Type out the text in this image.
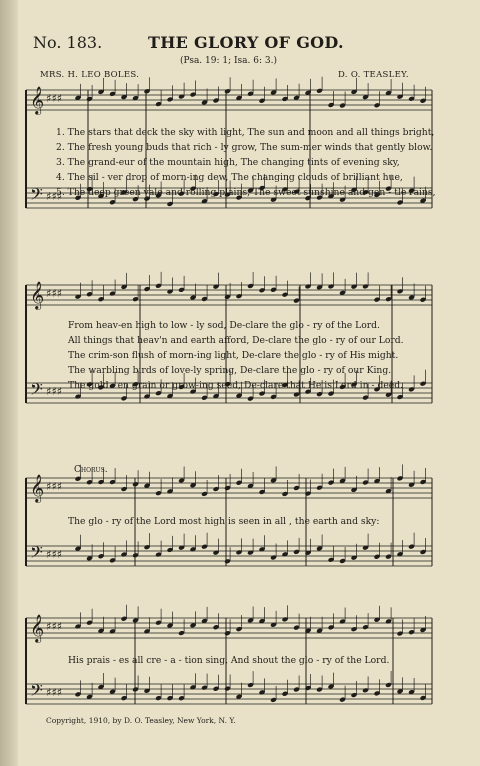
No. 183.	THE GLORY OF GOD.
(Psa. 19: 1; Isa. 6: 3.)
MRS. H. LEO BOLES.	D. O. TEASLEY.
𝄞
𝄢
♯♯♯
♯♯♯
𝄞
𝄢
♯♯♯
♯♯♯
𝄞
𝄢
♯♯♯
♯♯♯
𝄞
𝄢
♯♯♯
♯♯♯
1. The stars that deck the sky with light, The sun and moon and all things bright,
2. The fresh young buds that rich - ly grow, The sum-mer winds that gently blow.
3. The grand-eur of the mountain high, The changing tints of evening sky,
4. The sil - ver drop of morn-ing dew, The changing clouds of brilliant hue,
5. The deep green vale and rolling plains, The sweet sunshine and gen - tle rains,
From heav-en high to low - ly sod, De-clare the glo - ry of the Lord.
All things that heav'n and earth afford, De-clare the glo - ry of our Lord.
The crim-son flush of morn-ing light, De-clare the glo - ry of His might.
The warbling birds of love-ly spring, De-clare the glo - ry of our King.
The gold - en grain or grow-ing seed, De-clare that He is Lord in - deed.
Chorus.
The glo - ry of the Lord most high is seen in all , the earth and sky:
His prais - es all cre - a - tion sing, And shout the glo - ry of the Lord.
Copyright, 1910, by D. O. Teasley, New York, N. Y.
